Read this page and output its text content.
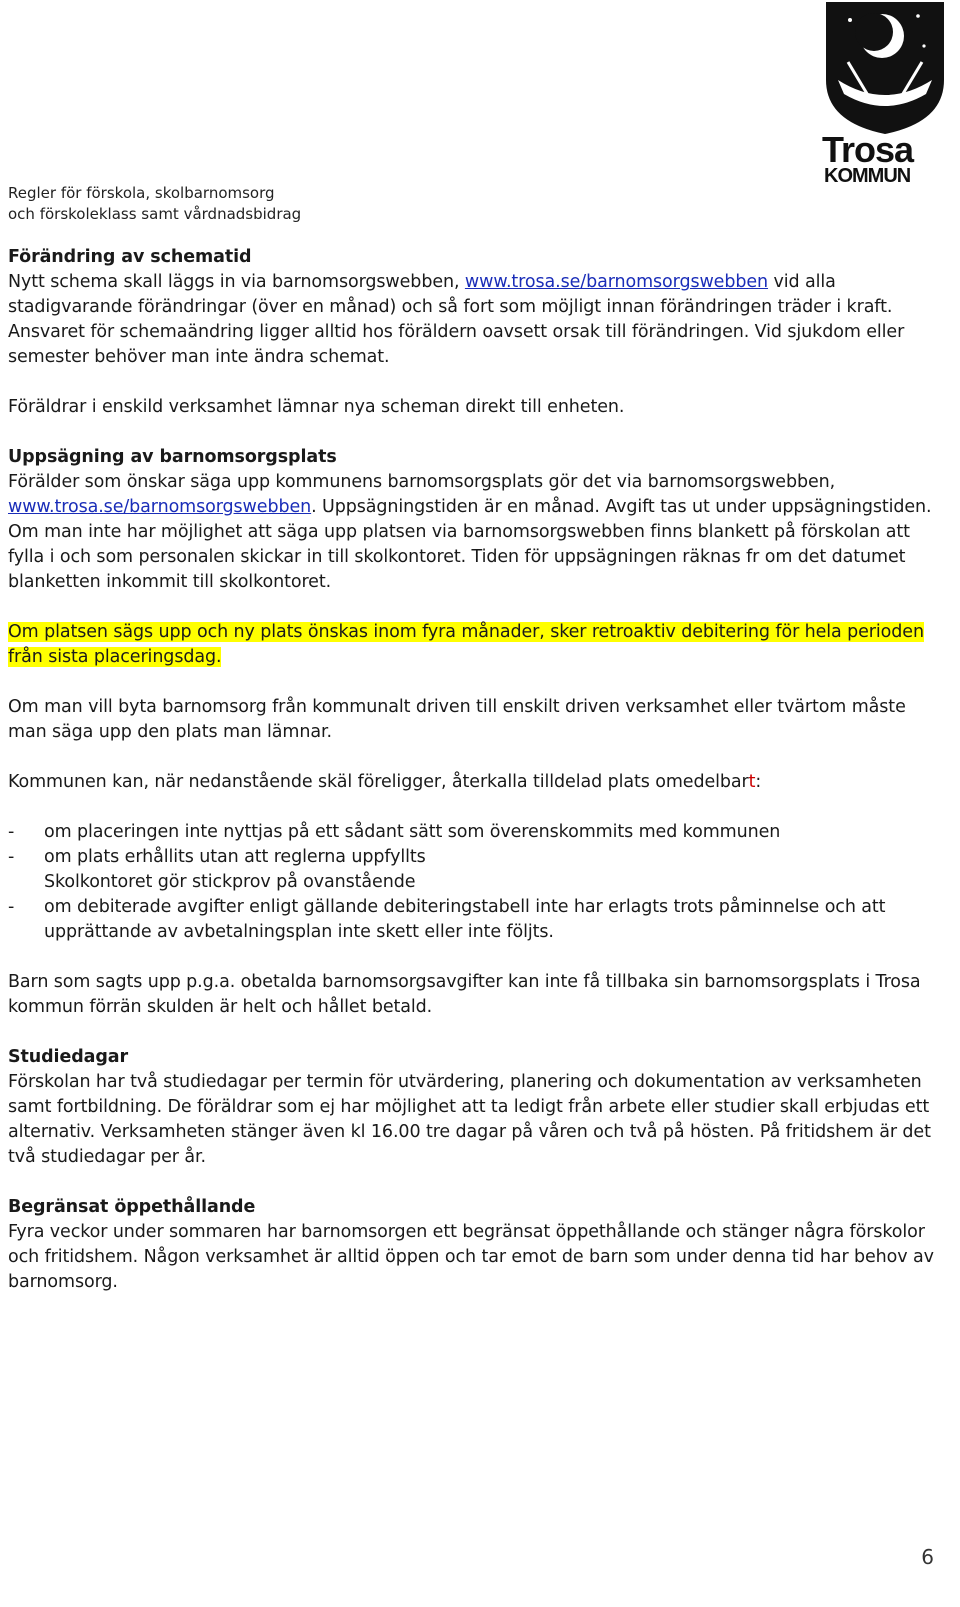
Regler för förskola, skolbarnomsorg
och förskoleklass samt vårdnadsbidrag
Trosa
KOMMUN

Förändring av schematid

Nytt schema skall läggs in via barnomsorgswebben, www.trosa.se/barnomsorgswebben vid alla stadigvarande förändringar (över en månad) och så fort som möjligt innan förändringen träder i kraft. Ansvaret för schemaändring ligger alltid hos föräldern oavsett orsak till förändringen. Vid sjukdom eller semester behöver man inte ändra schemat.

Föräldrar i enskild verksamhet lämnar nya scheman direkt till enheten.

Uppsägning av barnomsorgsplats

Förälder som önskar säga upp kommunens barnomsorgsplats gör det via barnomsorgswebben, www.trosa.se/barnomsorgswebben. Uppsägningstiden är en månad. Avgift tas ut under uppsägningstiden. Om man inte har möjlighet att säga upp platsen via barnomsorgswebben finns blankett på förskolan att fylla i och som personalen skickar in till skolkontoret. Tiden för uppsägningen räknas fr om det datumet blanketten inkommit till skolkontoret.

Om platsen sägs upp och ny plats önskas inom fyra månader, sker retroaktiv debitering för hela perioden från sista placeringsdag.

Om man vill byta barnomsorg från kommunalt driven till enskilt driven verksamhet eller tvärtom måste man säga upp den plats man lämnar.

Kommunen kan, när nedanstående skäl föreligger, återkalla tilldelad plats omedelbart:

- om placeringen inte nyttjas på ett sådant sätt som överenskommits med kommunen

- om plats erhållits utan att reglerna uppfyllts

Skolkontoret gör stickprov på ovanstående

- om debiterade avgifter enligt gällande debiteringstabell inte har erlagts trots påminnelse och att upprättande av avbetalningsplan inte skett eller inte följts.

Barn som sagts upp p.g.a. obetalda barnomsorgsavgifter kan inte få tillbaka sin barnomsorgsplats i Trosa kommun förrän skulden är helt och hållet betald.

Studiedagar

Förskolan har två studiedagar per termin för utvärdering, planering och dokumentation av verksamheten samt fortbildning. De föräldrar som ej har möjlighet att ta ledigt från arbete eller studier skall erbjudas ett alternativ. Verksamheten stänger även kl 16.00 tre dagar på våren och två på hösten. På fritidshem är det två studiedagar per år.

Begränsat öppethållande

Fyra veckor under sommaren har barnomsorgen ett begränsat öppethållande och stänger några förskolor och fritidshem. Någon verksamhet är alltid öppen och tar emot de barn som under denna tid har behov av barnomsorg.

6
